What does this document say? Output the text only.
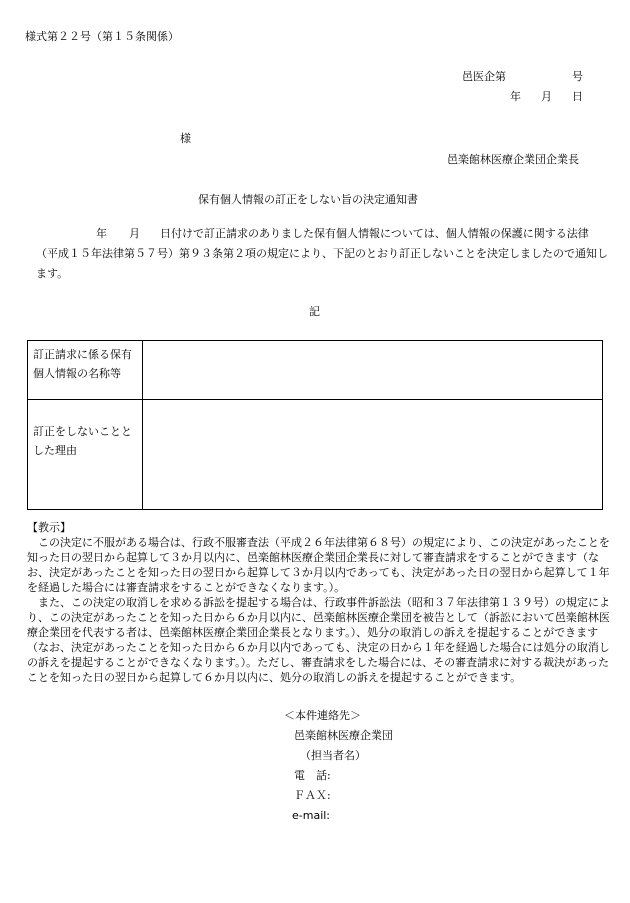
様式第２２号（第１５条関係）
邑医企第	号
年 月 日
様
邑楽館林医療企業団企業長
保有個人情報の訂正をしない旨の決定通知書
年 月 日付けで訂正請求のありました保有個人情報については、個人情報の保護に関する法律（平成１５年法律第５７号）第９３条第２項の規定により、下記のとおり訂正しないことを決定しましたので通知します。
記
訂正請求に係る保有個人情報の名称等	
訂正をしないこととした理由	
【教示】

この決定に不服がある場合は、行政不服審査法（平成２６年法律第６８号）の規定により、この決定があったことを知った日の翌日から起算して３か月以内に、邑楽館林医療企業団企業長に対して審査請求をすることができます（なお、決定があったことを知った日の翌日から起算して３か月以内であっても、決定があった日の翌日から起算して１年を経過した場合には審査請求をすることができなくなります。）。

また、この決定の取消しを求める訴訟を提起する場合は、行政事件訴訟法（昭和３７年法律第１３９号）の規定により、この決定があったことを知った日から６か月以内に、邑楽館林医療企業団を被告として（訴訟において邑楽館林医療企業団を代表する者は、邑楽館林医療企業団企業長となります。）、処分の取消しの訴えを提起することができます（なお、決定があったことを知った日から６か月以内であっても、決定の日から１年を経過した場合には処分の取消しの訴えを提起することができなくなります。）。ただし、審査請求をした場合には、その審査請求に対する裁決があったことを知った日の翌日から起算して６か月以内に、処分の取消しの訴えを提起することができます。

＜本件連絡先＞
邑楽館林医療企業団
（担当者名）
電　話:
ＦＡＸ:
e-mail:
